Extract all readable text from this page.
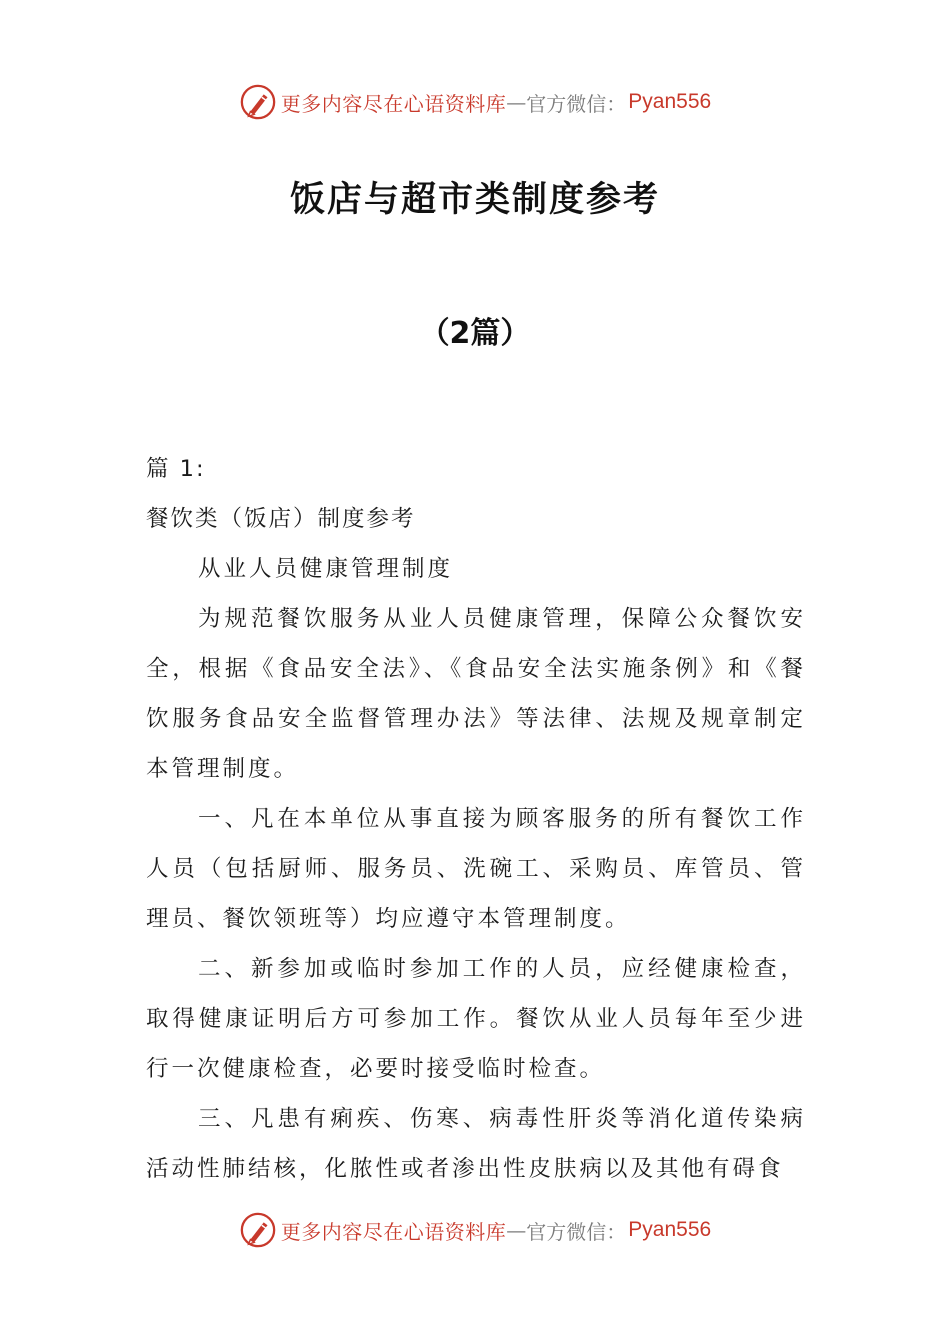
更多内容尽在心语资料库 — 官方微信： Pyan556
饭店与超市类制度参考
（2篇）

篇 1:

餐饮类（饭店）制度参考

从业人员健康管理制度

为规范餐饮服务从业人员健康管理，保障公众餐饮安全，根据《食品安全法》、《食品安全法实施条例》和《餐饮服务食品安全监督管理办法》等法律、法规及规章制定本管理制度。

一、凡在本单位从事直接为顾客服务的所有餐饮工作人员（包括厨师、服务员、洗碗工、采购员、库管员、管理员、餐饮领班等）均应遵守本管理制度。

二、新参加或临时参加工作的人员，应经健康检查，取得健康证明后方可参加工作。餐饮从业人员每年至少进行一次健康检查，必要时接受临时检查。

三、凡患有痢疾、伤寒、病毒性肝炎等消化道传染病活动性肺结核，化脓性或者渗出性皮肤病以及其他有碍食

更多内容尽在心语资料库 — 官方微信： Pyan556
